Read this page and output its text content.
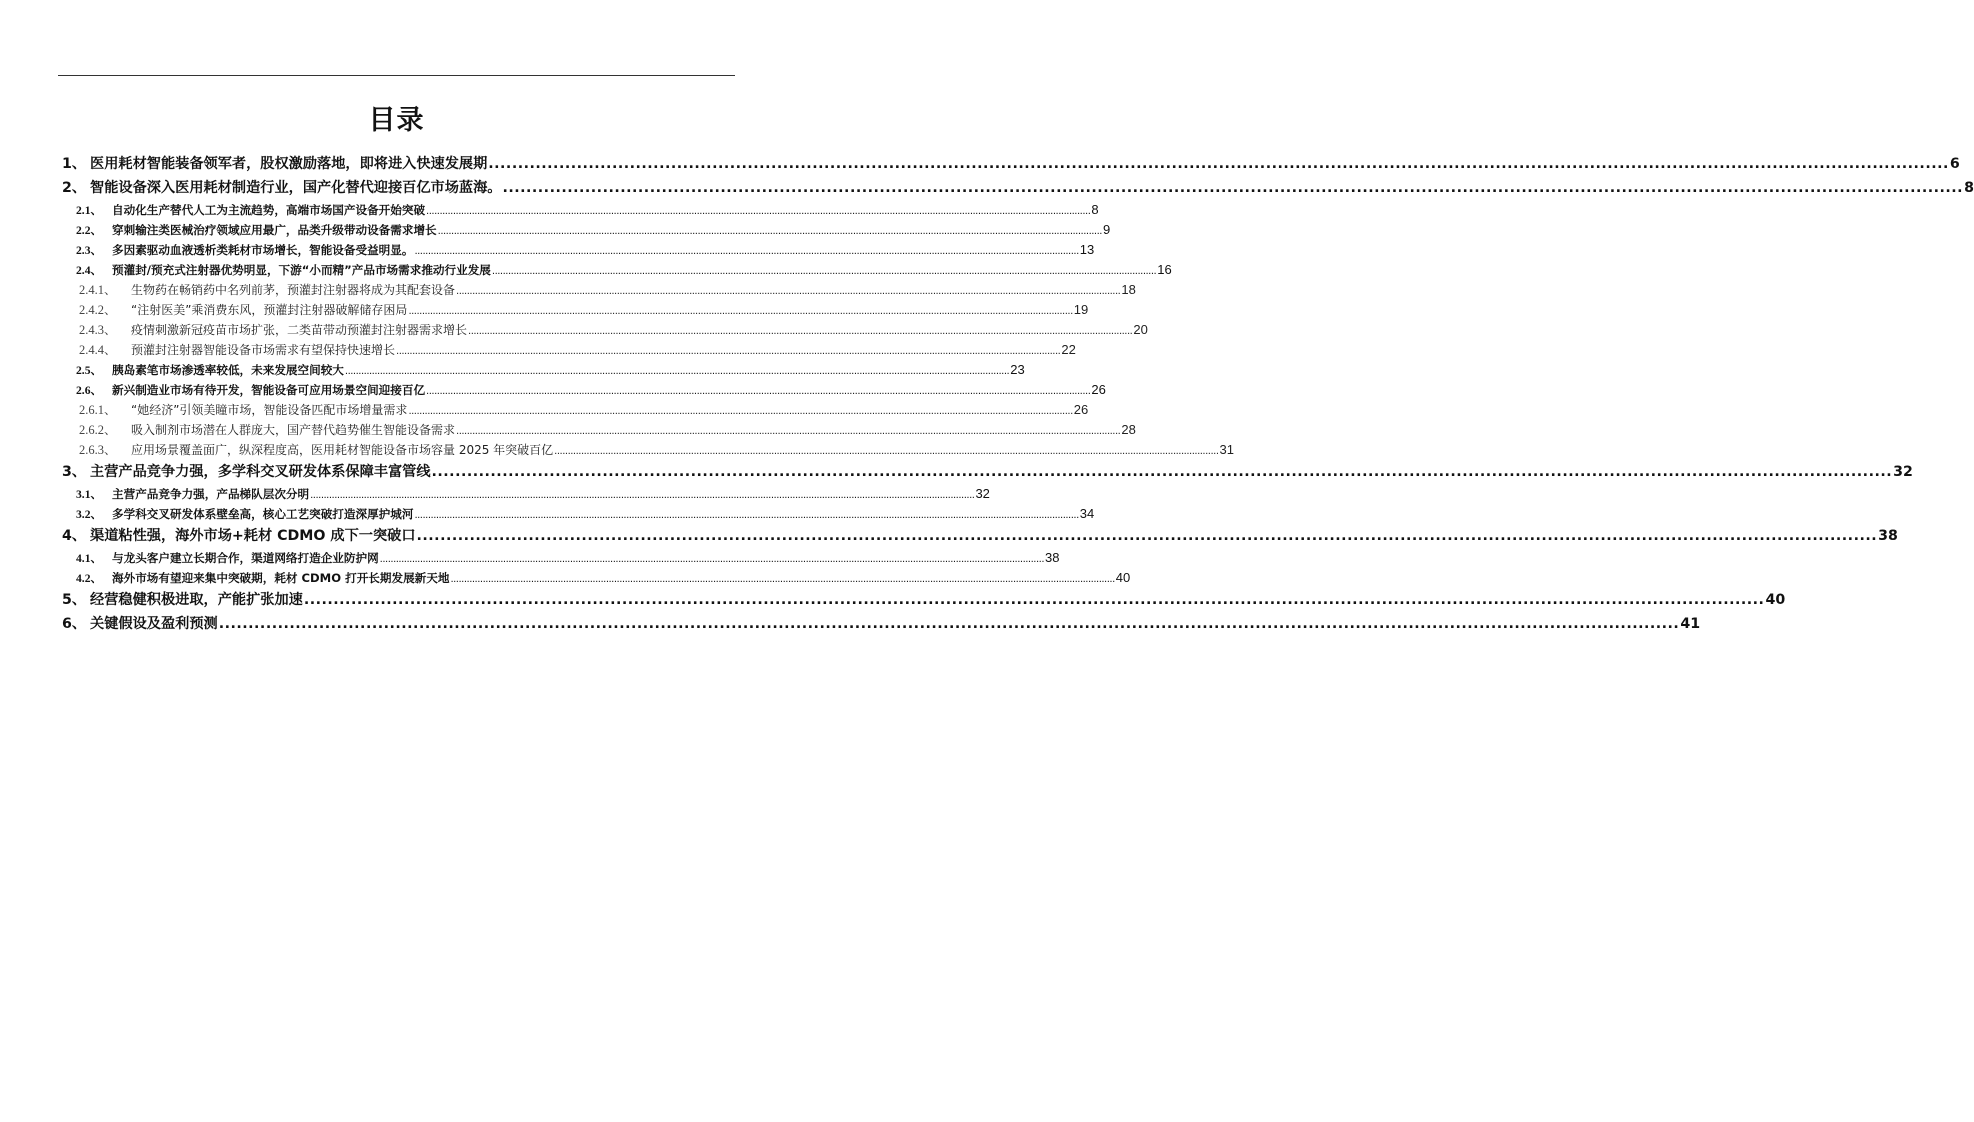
目录
1、 医用耗材智能装备领军者，股权激励落地，即将进入快速发展期 .....	6
2、 智能设备深入医用耗材制造行业，国产化替代迎接百亿市场蓝海。 .....	8
2.1、 自动化生产替代人工为主流趋势，高端市场国产设备开始突破 .....	8
2.2、 穿刺输注类医械治疗领域应用最广，品类升级带动设备需求增长 .....	9
2.3、 多因素驱动血液透析类耗材市场增长，智能设备受益明显。 .....	13
2.4、 预灌封/预充式注射器优势明显，下游“小而精”产品市场需求推动行业发展 .....	16
2.4.1、	生物药在畅销药中名列前茅，预灌封注射器将成为其配套设备 .....	18
2.4.2、	“注射医美”乘消费东风，预灌封注射器破解储存困局 .....	19
2.4.3、	疫情刺激新冠疫苗市场扩张，二类苗带动预灌封注射器需求增长 .....	20
2.4.4、	预灌封注射器智能设备市场需求有望保持快速增长 .....	22
2.5、 胰岛素笔市场渗透率较低，未来发展空间较大 .....	23
2.6、 新兴制造业市场有待开发，智能设备可应用场景空间迎接百亿 .....	26
2.6.1、	“她经济”引领美瞳市场，智能设备匹配市场增量需求 .....	26
2.6.2、	吸入制剂市场潜在人群庞大，国产替代趋势催生智能设备需求 .....	28
2.6.3、	应用场景覆盖面广，纵深程度高，医用耗材智能设备市场容量 2025 年突破百亿 .....	31
3、 主营产品竞争力强，多学科交叉研发体系保障丰富管线 .....	32
3.1、 主营产品竞争力强，产品梯队层次分明 .....	32
3.2、 多学科交叉研发体系壁垒高，核心工艺突破打造深厚护城河 .....	34
4、 渠道粘性强，海外市场+耗材 CDMO 成下一突破口 .....	38
4.1、 与龙头客户建立长期合作，渠道网络打造企业防护网 .....	38
4.2、 海外市场有望迎来集中突破期，耗材 CDMO 打开长期发展新天地 .....	40
5、 经营稳健积极进取，产能扩张加速 .....	40
6、 关键假设及盈利预测 .....	41
